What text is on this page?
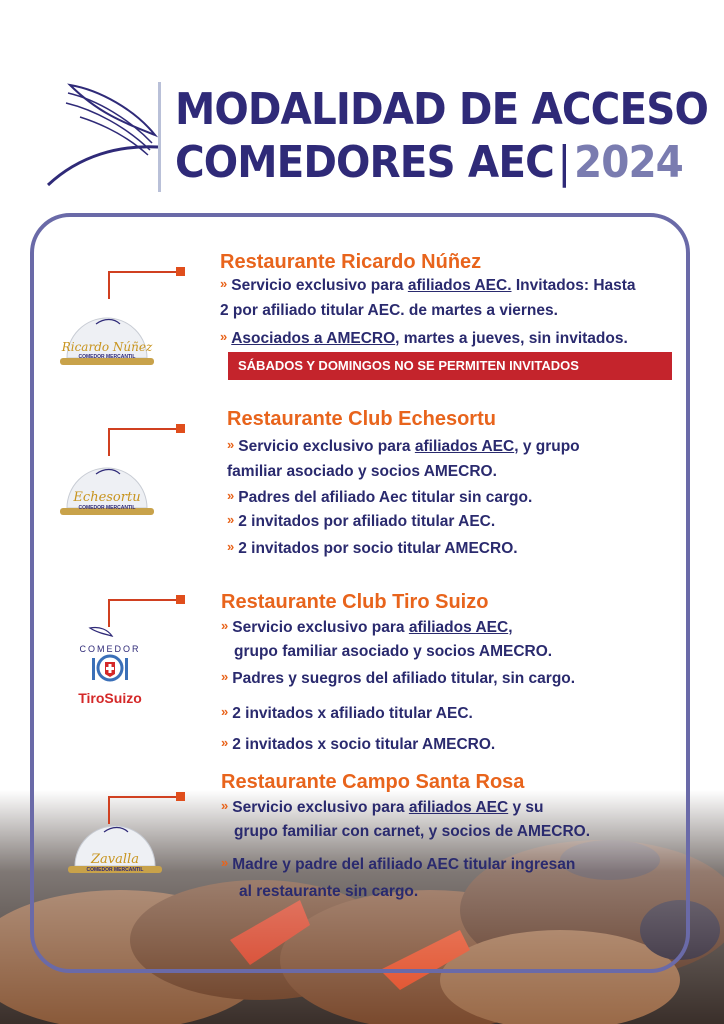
MODALIDAD DE ACCESO
COMEDORES AEC|2024
Ricardo Núñez
COMEDOR MERCANTIL
Restaurante Ricardo Núñez
» Servicio exclusivo para afiliados AEC. Invitados: Hasta
2 por afiliado titular AEC. de martes a viernes.
» Asociados a AMECRO, martes a jueves, sin invitados.
SÁBADOS Y DOMINGOS NO SE PERMITEN INVITADOS
Echesortu
COMEDOR MERCANTIL
Restaurante Club Echesortu
» Servicio exclusivo para afiliados AEC, y grupo
familiar asociado y socios AMECRO.
» Padres del afiliado Aec titular sin cargo.
» 2 invitados por afiliado titular AEC.
» 2 invitados por socio titular AMECRO.
COMEDOR
TiroSuizo
Restaurante Club Tiro Suizo
» Servicio exclusivo para afiliados AEC,
grupo familiar asociado y socios AMECRO.
» Padres y suegros del afiliado titular, sin cargo.
» 2 invitados x afiliado titular AEC.
» 2 invitados x socio titular AMECRO.
Zavalla
COMEDOR MERCANTIL
Restaurante Campo Santa Rosa
» Servicio exclusivo para afiliados AEC y su
grupo familiar con carnet, y socios de AMECRO.
» Madre y padre del afiliado AEC titular ingresan
al restaurante sin cargo.
